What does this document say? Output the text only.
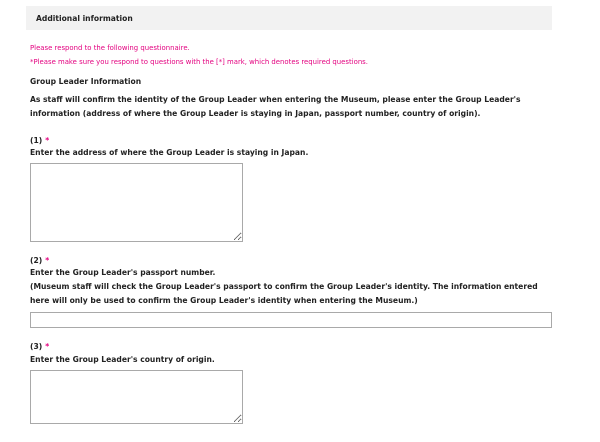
Additional information
Please respond to the following questionnaire.
*Please make sure you respond to questions with the [*] mark, which denotes required questions.
Group Leader Information
As staff will confirm the identity of the Group Leader when entering the Museum, please enter the Group Leader's
information (address of where the Group Leader is staying in Japan, passport number, country of origin).
(1) *
Enter the address of where the Group Leader is staying in Japan.
(2) *
Enter the Group Leader's passport number.
(Museum staff will check the Group Leader's passport to confirm the Group Leader's identity. The information entered
here will only be used to confirm the Group Leader's identity when entering the Museum.)
(3) *
Enter the Group Leader's country of origin.
